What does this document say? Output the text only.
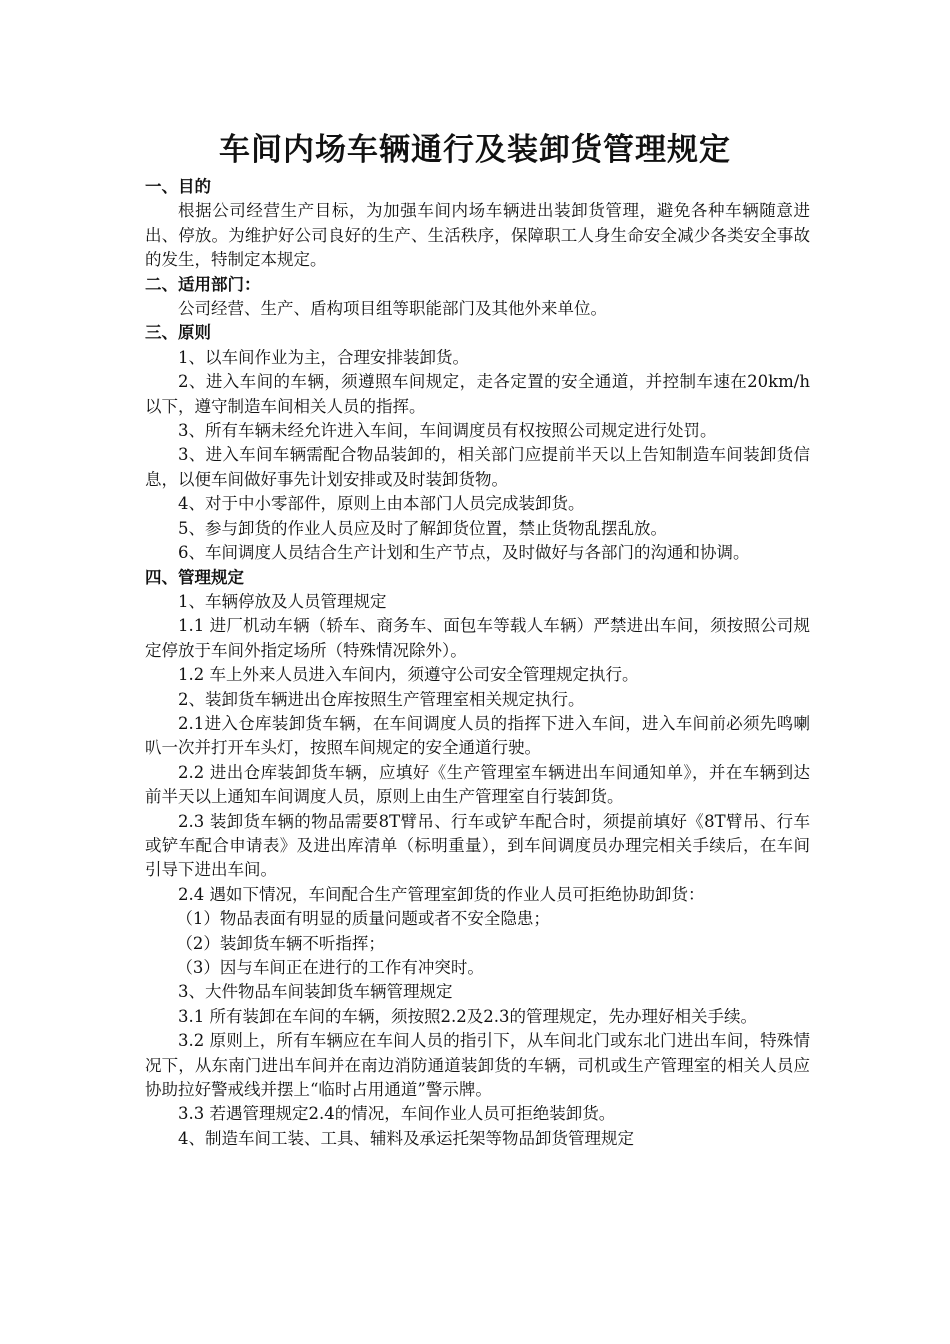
车间内场车辆通行及装卸货管理规定
一、目的

根据公司经营生产目标，为加强车间内场车辆进出装卸货管理，避免各种车辆随意进出、停放。为维护好公司良好的生产、生活秩序，保障职工人身生命安全减少各类安全事故的发生，特制定本规定。

二、适用部门：

公司经营、生产、盾构项目组等职能部门及其他外来单位。

三、原则

1、以车间作业为主，合理安排装卸货。

2、进入车间的车辆，须遵照车间规定，走各定置的安全通道，并控制车速在20km/h以下，遵守制造车间相关人员的指挥。

3、所有车辆未经允许进入车间，车间调度员有权按照公司规定进行处罚。

3、进入车间车辆需配合物品装卸的，相关部门应提前半天以上告知制造车间装卸货信息，以便车间做好事先计划安排或及时装卸货物。

4、对于中小零部件，原则上由本部门人员完成装卸货。

5、参与卸货的作业人员应及时了解卸货位置，禁止货物乱摆乱放。

6、车间调度人员结合生产计划和生产节点，及时做好与各部门的沟通和协调。

四、管理规定

1、车辆停放及人员管理规定

1.1 进厂机动车辆（轿车、商务车、面包车等载人车辆）严禁进出车间，须按照公司规定停放于车间外指定场所（特殊情况除外）。

1.2 车上外来人员进入车间内，须遵守公司安全管理规定执行。

2、装卸货车辆进出仓库按照生产管理室相关规定执行。

2.1进入仓库装卸货车辆，在车间调度人员的指挥下进入车间，进入车间前必须先鸣喇叭一次并打开车头灯，按照车间规定的安全通道行驶。

2.2 进出仓库装卸货车辆，应填好《生产管理室车辆进出车间通知单》，并在车辆到达前半天以上通知车间调度人员，原则上由生产管理室自行装卸货。

2.3 装卸货车辆的物品需要8T臂吊、行车或铲车配合时，须提前填好《8T臂吊、行车或铲车配合申请表》及进出库清单（标明重量），到车间调度员办理完相关手续后，在车间引导下进出车间。

2.4 遇如下情况，车间配合生产管理室卸货的作业人员可拒绝协助卸货：

（1）物品表面有明显的质量问题或者不安全隐患；

（2）装卸货车辆不听指挥；

（3）因与车间正在进行的工作有冲突时。

3、大件物品车间装卸货车辆管理规定

3.1 所有装卸在车间的车辆，须按照2.2及2.3的管理规定，先办理好相关手续。

3.2 原则上，所有车辆应在车间人员的指引下，从车间北门或东北门进出车间，特殊情况下，从东南门进出车间并在南边消防通道装卸货的车辆，司机或生产管理室的相关人员应协助拉好警戒线并摆上“临时占用通道”警示牌。

3.3 若遇管理规定2.4的情况，车间作业人员可拒绝装卸货。

4、制造车间工装、工具、辅料及承运托架等物品卸货管理规定
